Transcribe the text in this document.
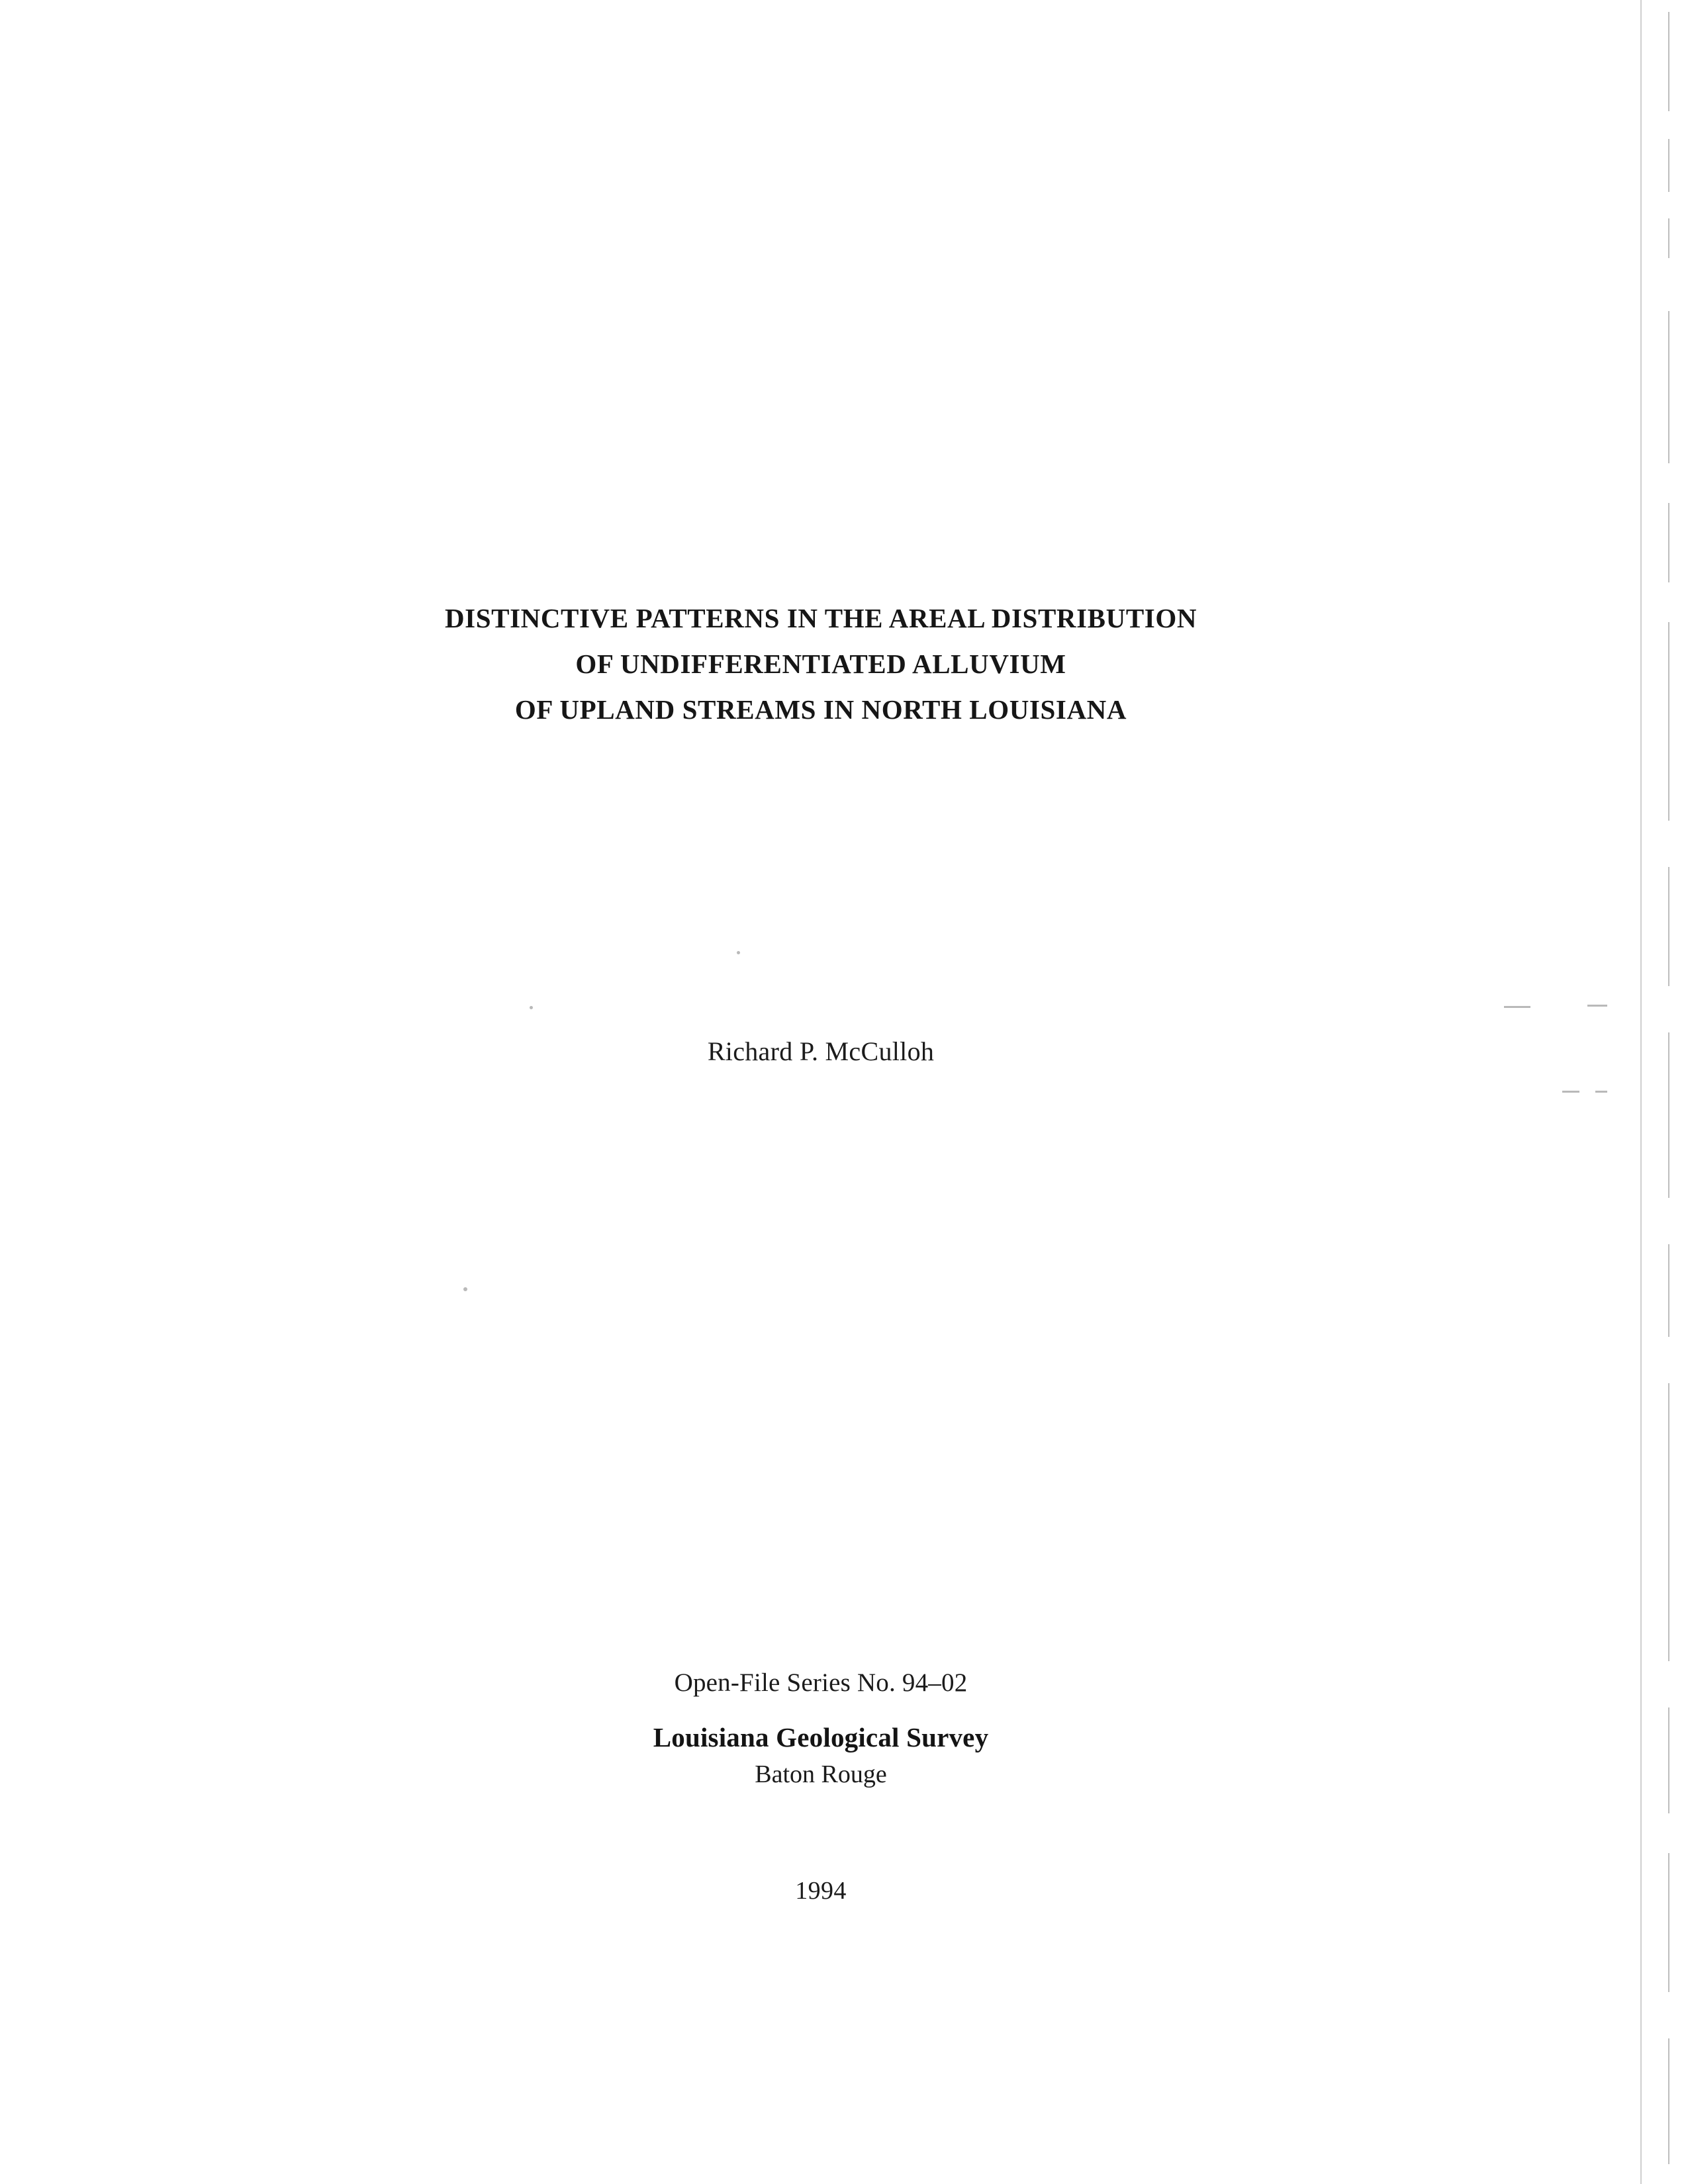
DISTINCTIVE PATTERNS IN THE AREAL DISTRIBUTION
OF UNDIFFERENTIATED ALLUVIUM
OF UPLAND STREAMS IN NORTH LOUISIANA
Richard P. McCulloh
Open-File Series No. 94–02
Louisiana Geological Survey
Baton Rouge
1994
